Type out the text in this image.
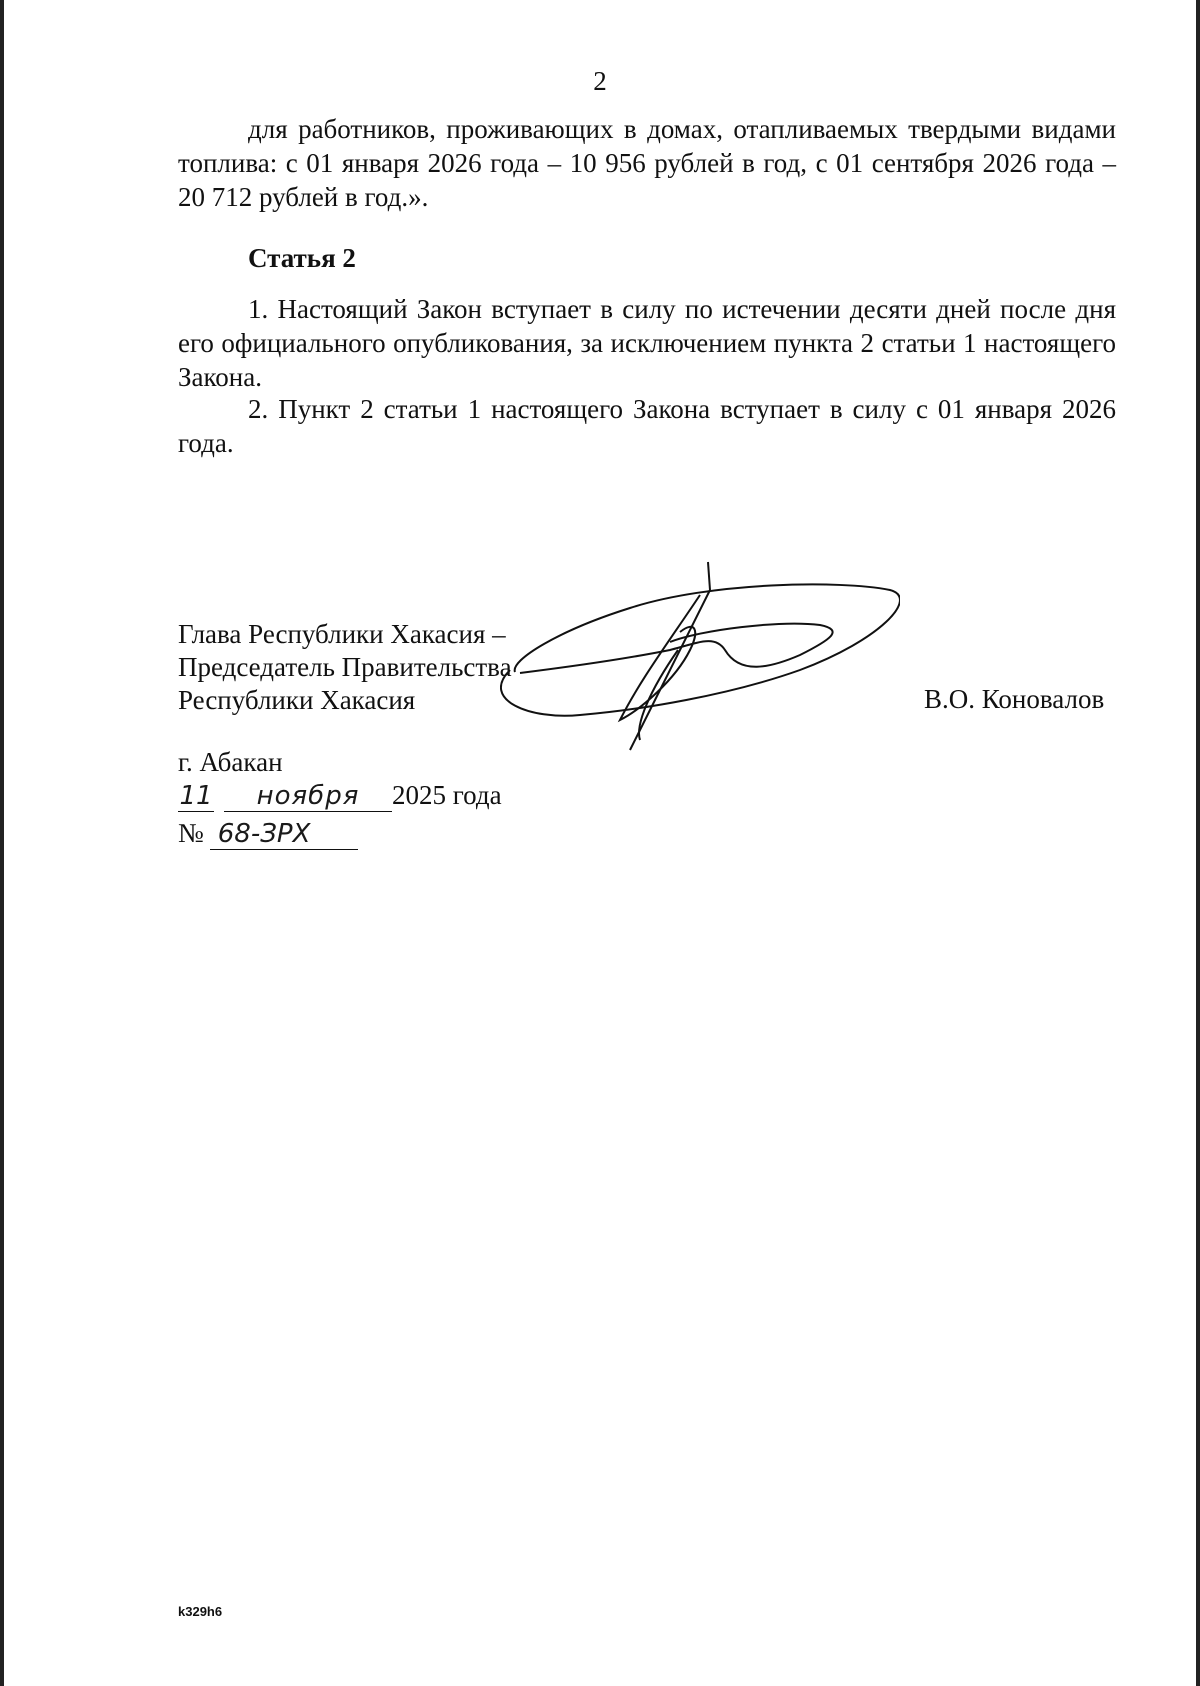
2

для работников, проживающих в домах, отапливаемых твердыми видами топлива: с 01 января 2026 года – 10 956 рублей в год, с 01 сентября 2026 года – 20 712 рублей в год.».

Статья 2

1. Настоящий Закон вступает в силу по истечении десяти дней после дня его официального опубликования, за исключением пункта 2 статьи 1 настоящего Закона.

2. Пункт 2 статьи 1 настоящего Закона вступает в силу с 01 января 2026 года.

Глава Республики Хакасия –
Председатель Правительства
Республики Хакасия	В.О. Коновалов
г. Абакан
11 ноября 2025 года
№ 68-ЗРХ
k329h6
